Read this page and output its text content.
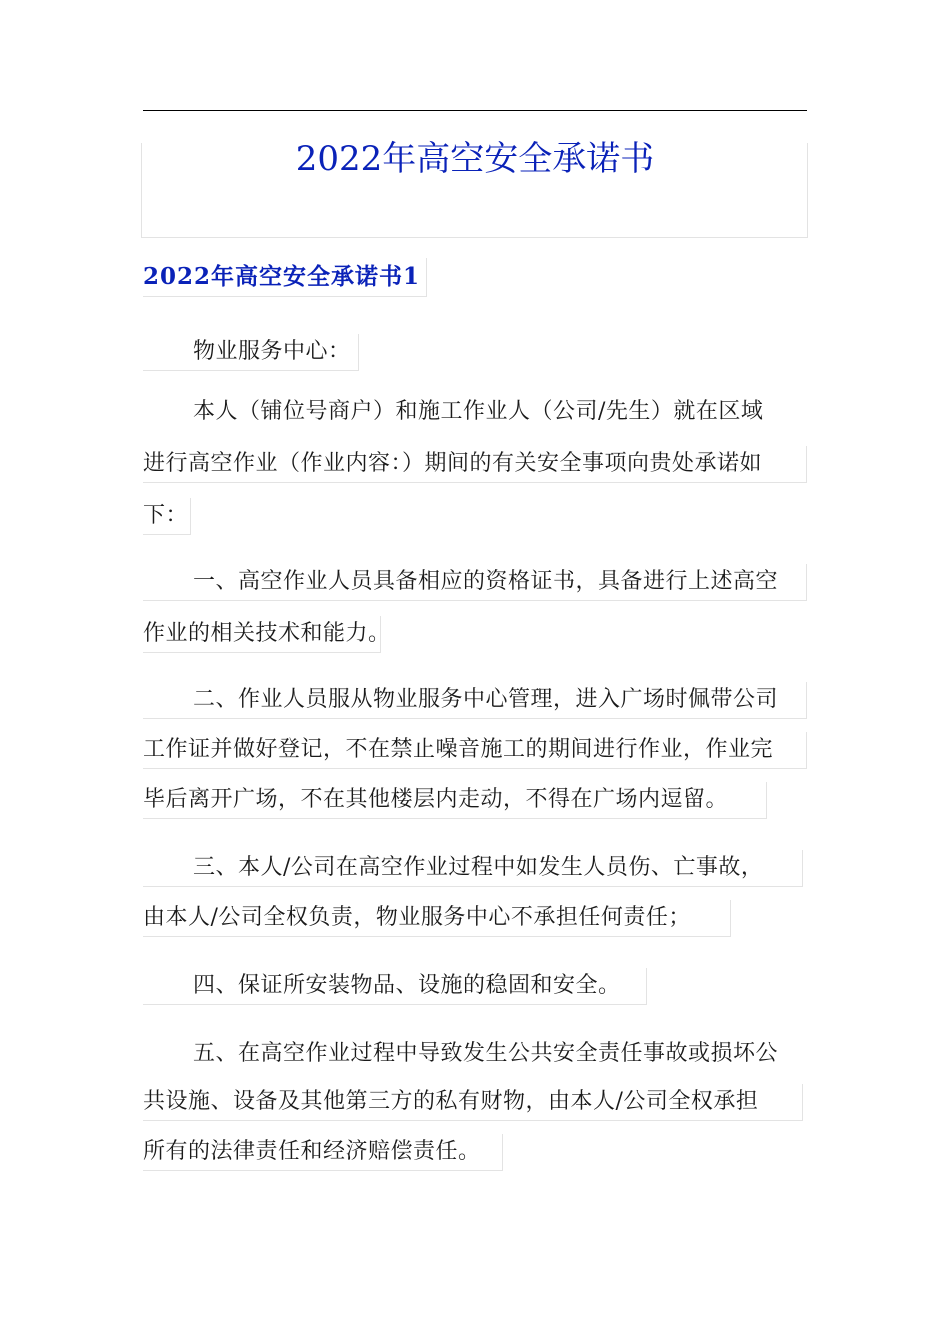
2022年高空安全承诺书
2022年高空安全承诺书1
物业服务中心：
本人（铺位号商户）和施工作业人（公司/先生）就在区域
进行高空作业（作业内容：）期间的有关安全事项向贵处承诺如
下：
一、高空作业人员具备相应的资格证书，具备进行上述高空
作业的相关技术和能力。
二、作业人员服从物业服务中心管理，进入广场时佩带公司
工作证并做好登记，不在禁止噪音施工的期间进行作业，作业完
毕后离开广场，不在其他楼层内走动，不得在广场内逗留。
三、本人/公司在高空作业过程中如发生人员伤、亡事故，
由本人/公司全权负责，物业服务中心不承担任何责任；
四、保证所安装物品、设施的稳固和安全。
五、在高空作业过程中导致发生公共安全责任事故或损坏公
共设施、设备及其他第三方的私有财物，由本人/公司全权承担
所有的法律责任和经济赔偿责任。
